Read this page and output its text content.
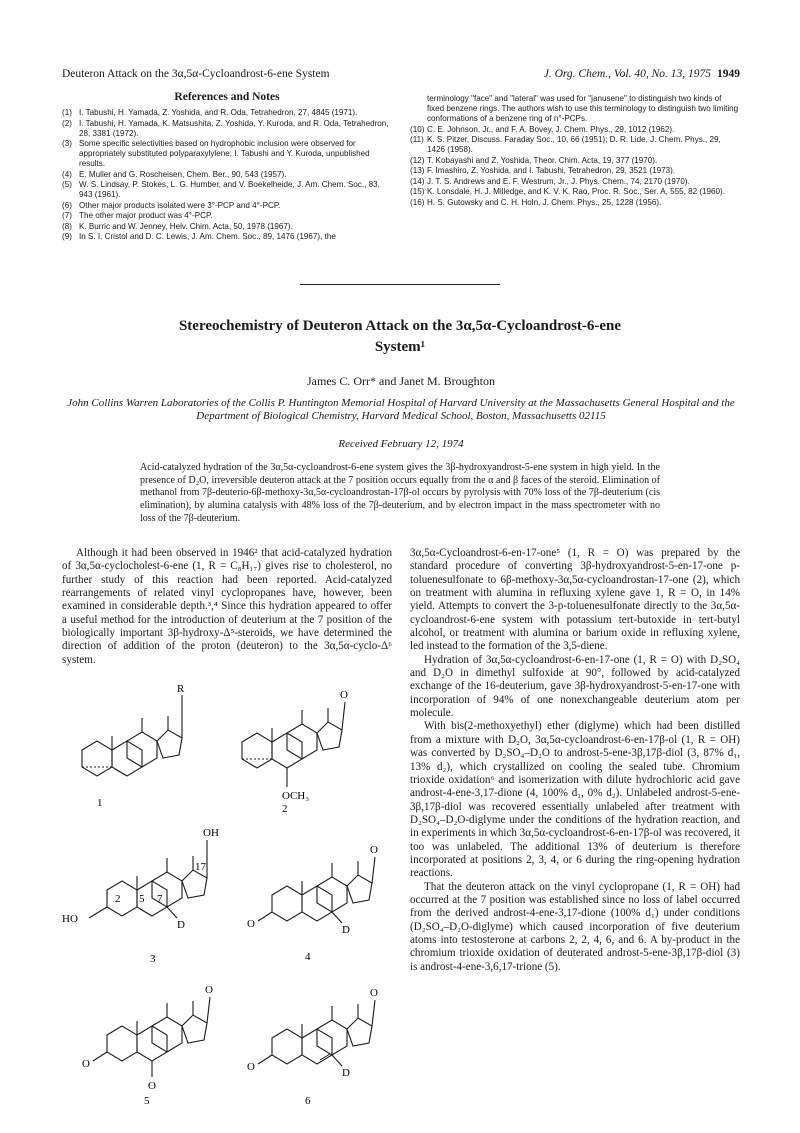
Deuteron Attack on the 3α,5α-Cycloandrost-6-ene System	J. Org. Chem., Vol. 40, No. 13, 1975 1949
References and Notes
(1) I. Tabushi, H. Yamada, Z. Yoshida, and R. Oda, Tetrahedron, 27, 4845 (1971).
(2) I. Tabushi, H. Yamada, K. Matsushita, Z. Yoshida, Y. Kuroda, and R. Oda, Tetrahedron, 28, 3381 (1972).
(3) Some specific selectivities based on hydrophobic inclusion were observed for appropriately substituted polyparaxylylene; I. Tabushi and Y. Kuroda, unpublished results.
(4) E. Muller and G. Roscheisen, Chem. Ber., 90, 543 (1957).
(5) W. S. Lindsay, P. Stokes, L. G. Humber, and V. Boekelheide, J. Am. Chem. Soc., 83, 943 (1961).
(6) Other major products isolated were 3°-PCP and 4°-PCP.
(7) The other major product was 4°-PCP.
(8) K. Burric and W. Jenney, Helv. Chim. Acta, 50, 1978 (1967).
(9) In S. I. Cristol and D. C. Lewis, J. Am. Chem. Soc., 89, 1476 (1967), the
terminology "face" and "lateral" was used for "janusene" to distinguish two kinds of fixed benzene rings. The authors wish to use this terminology to distinguish two limiting conformations of a benzene ring of n°-PCPs.
(10) C. E. Johnson, Jr., and F. A. Bovey, J. Chem. Phys., 29, 1012 (1962).
(11) K. S. Pitzer, Discuss. Faraday Soc., 10, 66 (1951); D. R. Lide, J. Chem. Phys., 29, 1426 (1958).
(12) T. Kobayashi and Z. Yoshida, Theor. Chim. Acta, 19, 377 (1970).
(13) F. Imashiro, Z. Yoshida, and I. Tabushi, Tetrahedron, 29, 3521 (1973).
(14) J. T. S. Andrews and E. F. Westrum, Jr., J. Phys. Chem., 74, 2170 (1970).
(15) K. Lonsdale, H. J. Milledge, and K. V. K. Rao, Proc. R. Soc., Ser. A, 555, 82 (1960).
(16) H. S. Gutowsky and C. H. Holn, J. Chem. Phys., 25, 1228 (1956).
Stereochemistry of Deuteron Attack on the 3α,5α-Cycloandrost-6-ene
System¹
James C. Orr* and Janet M. Broughton
John Collins Warren Laboratories of the Collis P. Huntington Memorial Hospital of Harvard University at the Massachusetts General Hospital and the Department of Biological Chemistry, Harvard Medical School, Boston, Massachusetts 02115
Received February 12, 1974
Acid-catalyzed hydration of the 3α,5α-cycloandrost-6-ene system gives the 3β-hydroxyandrost-5-ene system in high yield. In the presence of D₂O, irreversible deuteron attack at the 7 position occurs equally from the α and β faces of the steroid. Elimination of methanol from 7β-deuterio-6β-methoxy-3α,5α-cycloandrostan-17β-ol occurs by pyrolysis with 70% loss of the 7β-deuterium (cis elimination), by alumina catalysis with 48% loss of the 7β-deuterium, and by electron impact in the mass spectrometer with no loss of the 7β-deuterium.

Although it had been observed in 1946² that acid-catalyzed hydration of 3α,5α-cyclocholest-6-ene (1, R = C₈H₁₇) gives rise to cholesterol, no further study of this reaction had been reported. Acid-catalyzed rearrangements of related vinyl cyclopropanes have, however, been examined in considerable depth.³,⁴ Since this hydration appeared to offer a useful method for the introduction of deuterium at the 7 position of the biologically important 3β-hydroxy-Δ⁵-steroids, we have determined the direction of addition of the proton (deuteron) to the 3α,5α-cyclo-Δ⁶ system.

3α,5α-Cycloandrost-6-en-17-one⁵ (1, R = O) was prepared by the standard procedure of converting 3β-hydroxyandrost-5-en-17-one p-toluenesulfonate to 6β-methoxy-3α,5α-cycloandrostan-17-one (2), which on treatment with alumina in refluxing xylene gave 1, R = O, in 14% yield. Attempts to convert the 3-p-toluenesulfonate directly to the 3α,5α-cycloandrost-6-ene system with potassium tert-butoxide in tert-butyl alcohol, or treatment with alumina or barium oxide in refluxing xylene, led instead to the formation of the 3,5-diene.

Hydration of 3α,5α-cycloandrost-6-en-17-one (1, R = O) with D₂SO₄ and D₂O in dimethyl sulfoxide at 90°, followed by acid-catalyzed exchange of the 16-deuterium, gave 3β-hydroxyandrost-5-en-17-one with incorporation of 94% of one nonexchangeable deuterium atom per molecule.

With bis(2-methoxyethyl) ether (diglyme) which had been distilled from a mixture with D₂O, 3α,5α-cycloandrost-6-en-17β-ol (1, R = OH) was converted by D₂SO₄–D₂O to androst-5-ene-3β,17β-diol (3, 87% d₁, 13% d₂), which crystallized on cooling the sealed tube. Chromium trioxide oxidation⁶ and isomerization with dilute hydrochloric acid gave androst-4-ene-3,17-dione (4, 100% d₁, 0% d₂). Unlabeled androst-5-ene-3β,17β-diol was recovered essentially unlabeled after treatment with D₂SO₄–D₂O-diglyme under the conditions of the hydration reaction, and in experiments in which 3α,5α-cycloandrost-6-en-17β-ol was recovered, it too was unlabeled. The additional 13% of deuterium is therefore incorporated at positions 2, 3, 4, or 6 during the ring-opening hydration reactions.

That the deuteron attack on the vinyl cyclopropane (1, R = OH) had occurred at the 7 position was established since no loss of label occurred from the derived androst-4-ene-3,17-dione (100% d₁) under conditions (D₂SO₄–D₂O-diglyme) which caused incorporation of five deuterium atoms into testosterone at carbons 2, 2, 4, 6, and 6. A by-product in the chromium trioxide oxidation of deuterated androst-5-ene-3β,17β-diol (3) is androst-4-ene-3,6,17-trione (5).

R
1
O
OCH₃
2
HO
OH
D
17
2 5 7
3
O
O
D
4
O
O
O
5
O
O
D
6
